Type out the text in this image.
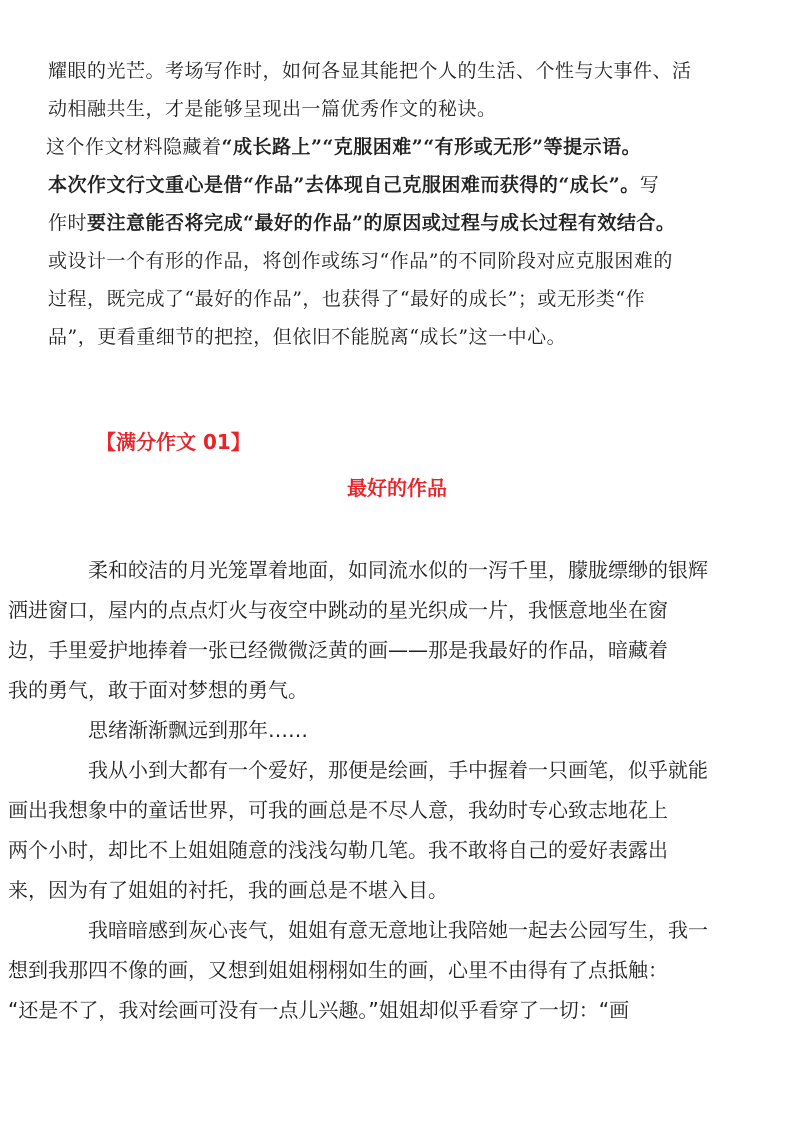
耀眼的光芒。考场写作时，如何各显其能把个人的生活、个性与大事件、活

动相融共生，才是能够呈现出一篇优秀作文的秘诀。

这个作文材料隐藏着“成长路上”“克服困难”“有形或无形”等提示语。

本次作文行文重心是借“作品”去体现自己克服困难而获得的“成长”。写

作时要注意能否将完成“最好的作品”的原因或过程与成长过程有效结合。

或设计一个有形的作品，将创作或练习“作品”的不同阶段对应克服困难的

过程，既完成了“最好的作品”，也获得了“最好的成长”；或无形类“作

品”，更看重细节的把控，但依旧不能脱离“成长”这一中心。

【满分作文 01】

最好的作品

柔和皎洁的月光笼罩着地面，如同流水似的一泻千里，朦胧缥缈的银辉
洒进窗口，屋内的点点灯火与夜空中跳动的星光织成一片，我惬意地坐在窗
边，手里爱护地捧着一张已经微微泛黄的画——那是我最好的作品，暗藏着
我的勇气，敢于面对梦想的勇气。

思绪渐渐飘远到那年……

我从小到大都有一个爱好，那便是绘画，手中握着一只画笔，似乎就能
画出我想象中的童话世界，可我的画总是不尽人意，我幼时专心致志地花上
两个小时，却比不上姐姐随意的浅浅勾勒几笔。我不敢将自己的爱好表露出
来，因为有了姐姐的衬托，我的画总是不堪入目。

我暗暗感到灰心丧气，姐姐有意无意地让我陪她一起去公园写生，我一
想到我那四不像的画，又想到姐姐栩栩如生的画，心里不由得有了点抵触：
“还是不了，我对绘画可没有一点儿兴趣。”姐姐却似乎看穿了一切：“画
